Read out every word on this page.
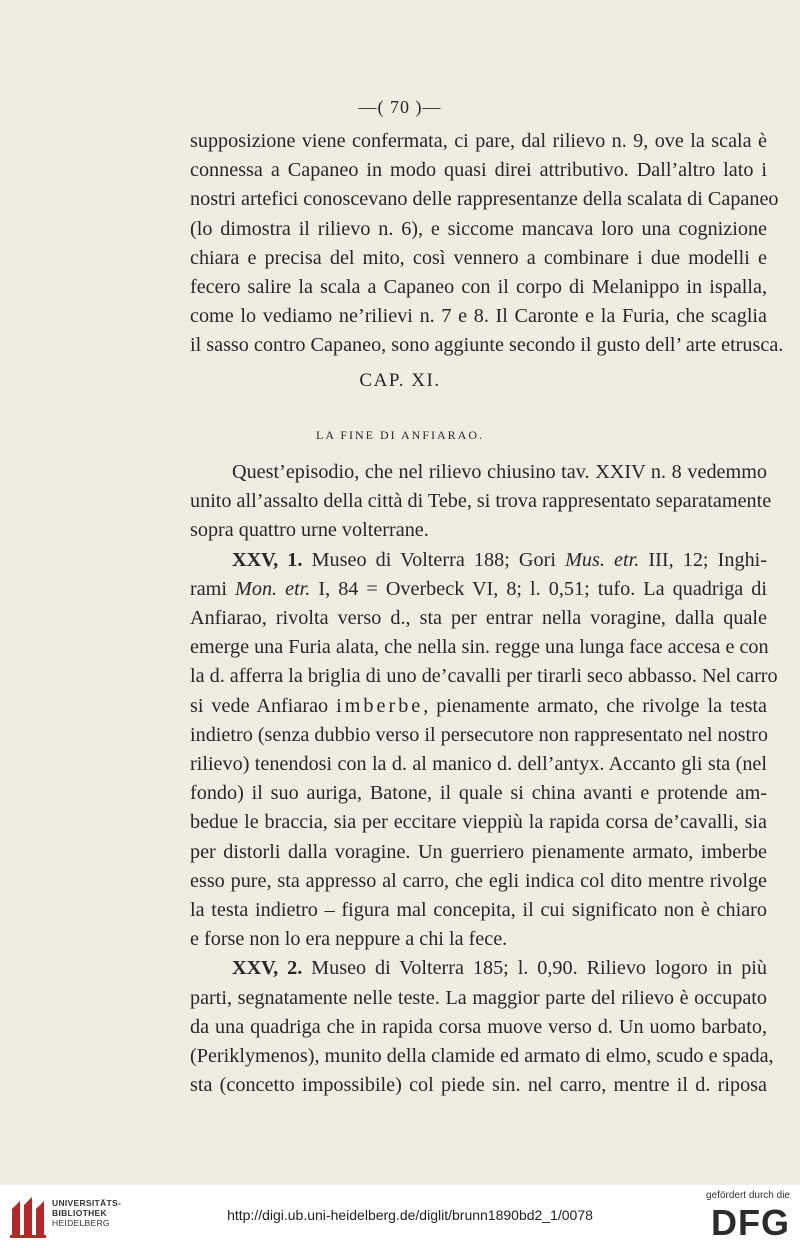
—( 70 )—
supposizione viene confermata, ci pare, dal rilievo n. 9, ove la scala è
connessa a Capaneo in modo quasi direi attributivo. Dall’altro lato i
nostri artefici conoscevano delle rappresentanze della scalata di Capaneo
(lo dimostra il rilievo n. 6), e siccome mancava loro una cognizione
chiara e precisa del mito, così vennero a combinare i due modelli e
fecero salire la scala a Capaneo con il corpo di Melanippo in ispalla,
come lo vediamo ne’rilievi n. 7 e 8. Il Caronte e la Furia, che scaglia
il sasso contro Capaneo, sono aggiunte secondo il gusto dell’ arte etrusca.
CAP. XI.
LA FINE DI ANFIARAO.
Quest’episodio, che nel rilievo chiusino tav. XXIV n. 8 vedemmo
unito all’assalto della città di Tebe, si trova rappresentato separatamente
sopra quattro urne volterrane.
XXV, 1. Museo di Volterra 188; Gori Mus. etr. III, 12; Inghi-
rami Mon. etr. I, 84 = Overbeck VI, 8; l. 0,51; tufo. La quadriga di
Anfiarao, rivolta verso d., sta per entrar nella voragine, dalla quale
emerge una Furia alata, che nella sin. regge una lunga face accesa e con
la d. afferra la briglia di uno de’cavalli per tirarli seco abbasso. Nel carro
si vede Anfiarao imberbe, pienamente armato, che rivolge la testa
indietro (senza dubbio verso il persecutore non rappresentato nel nostro
rilievo) tenendosi con la d. al manico d. dell’antyx. Accanto gli sta (nel
fondo) il suo auriga, Batone, il quale si china avanti e protende am-
bedue le braccia, sia per eccitare vieppiù la rapida corsa de’cavalli, sia
per distorli dalla voragine. Un guerriero pienamente armato, imberbe
esso pure, sta appresso al carro, che egli indica col dito mentre rivolge
la testa indietro – figura mal concepita, il cui significato non è chiaro
e forse non lo era neppure a chi la fece.
XXV, 2. Museo di Volterra 185; l. 0,90. Rilievo logoro in più
parti, segnatamente nelle teste. La maggior parte del rilievo è occupato
da una quadriga che in rapida corsa muove verso d. Un uomo barbato,
(Periklymenos), munito della clamide ed armato di elmo, scudo e spada,
sta (concetto impossibile) col piede sin. nel carro, mentre il d. riposa
UNIVERSITÄTS-
BIBLIOTHEK
HEIDELBERG	http://digi.ub.uni-heidelberg.de/diglit/brunn1890bd2_1/0078
gefördert durch die
DFG
